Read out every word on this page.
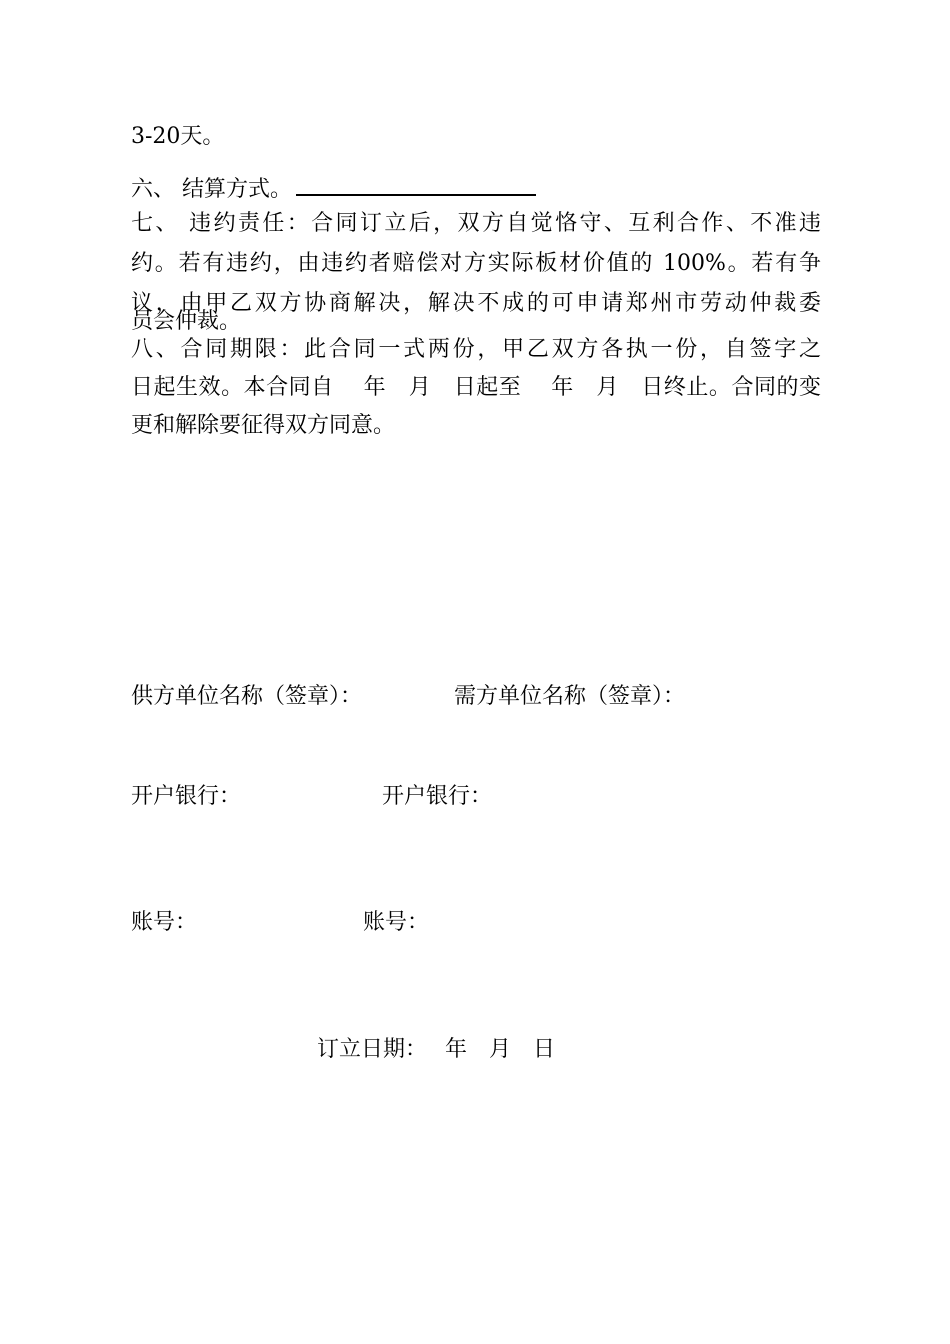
3-20天。
六、 结算方式。
七、 违约责任：合同订立后，双方自觉恪守、互利合作、不准违
约。若有违约，由违约者赔偿对方实际板材价值的 100%。若有争
议，由甲乙双方协商解决，解决不成的可申请郑州市劳动仲裁委
员会仲裁。
八、合同期限：此合同一式两份，甲乙双方各执一份，自签字之
日起生效。本合同自　 年　月　日起至　 年　月　日终止。合同的变
更和解除要征得双方同意。
供方单位名称（签章）：	需方单位名称（签章）：
开户银行：	开户银行：
账号：	账号：
订立日期：　 年　月　日
